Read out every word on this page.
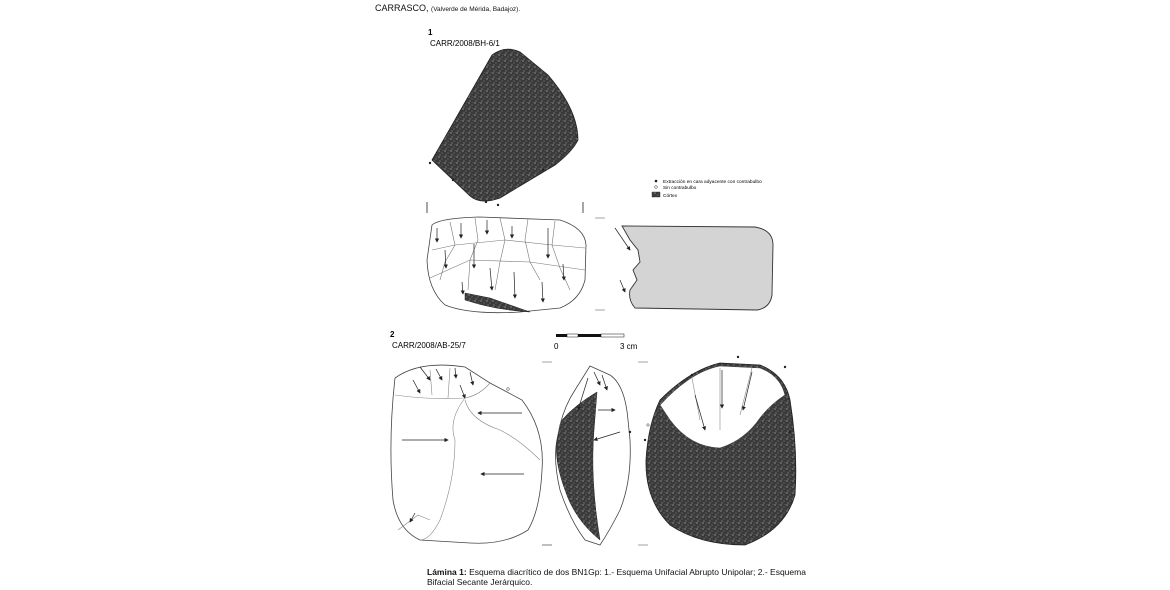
CARRASCO, (Valverde de Mérida, Badajoz).
1
CARR/2008/BH-6/1
Extracción en cara adyacente con contrabulbo
Sin contrabulbo
Córtex
0	3 cm
2
CARR/2008/AB-25/7
Lámina 1: Esquema diacrítico de dos BN1Gp: 1.- Esquema Unifacial Abrupto Unipolar; 2.- Esquema Bifacial Secante Jerárquico.
